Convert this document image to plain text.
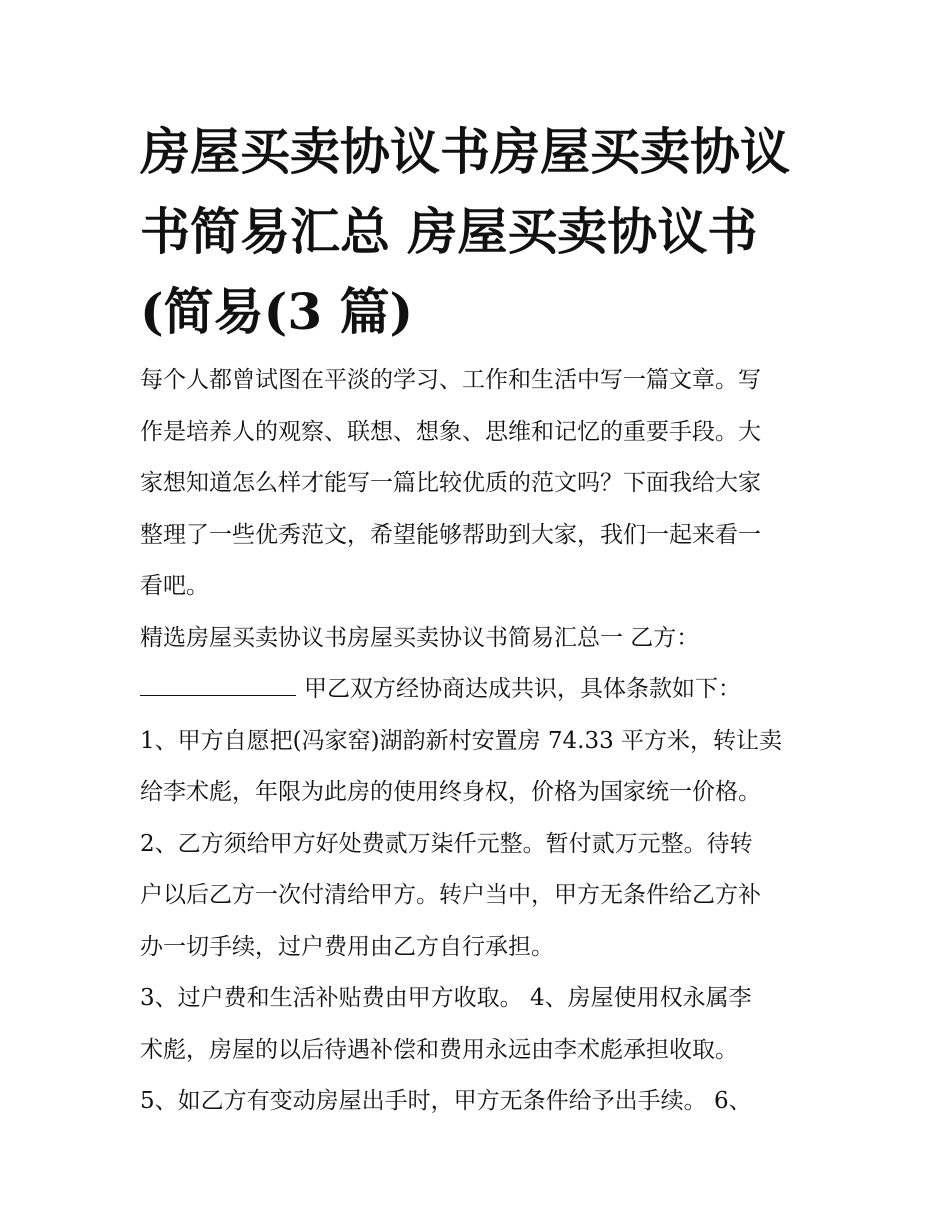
房屋买卖协议书房屋买卖协议
书简易汇总 房屋买卖协议书
(简易(3 篇)

每个人都曾试图在平淡的学习、工作和生活中写一篇文章。写

作是培养人的观察、联想、想象、思维和记忆的重要手段。大

家想知道怎么样才能写一篇比较优质的范文吗？下面我给大家

整理了一些优秀范文，希望能够帮助到大家，我们一起来看一

看吧。

精选房屋买卖协议书房屋买卖协议书简易汇总一 乙方：

甲乙双方经协商达成共识，具体条款如下：

1、甲方自愿把(冯家窑)湖韵新村安置房 74.33 平方米，转让卖

给李术彪，年限为此房的使用终身权，价格为国家统一价格。

2、乙方须给甲方好处费贰万柒仟元整。暂付贰万元整。待转

户以后乙方一次付清给甲方。转户当中，甲方无条件给乙方补

办一切手续，过户费用由乙方自行承担。

3、过户费和生活补贴费由甲方收取。 4、房屋使用权永属李

术彪，房屋的以后待遇补偿和费用永远由李术彪承担收取。

5、如乙方有变动房屋出手时，甲方无条件给予出手续。 6、
